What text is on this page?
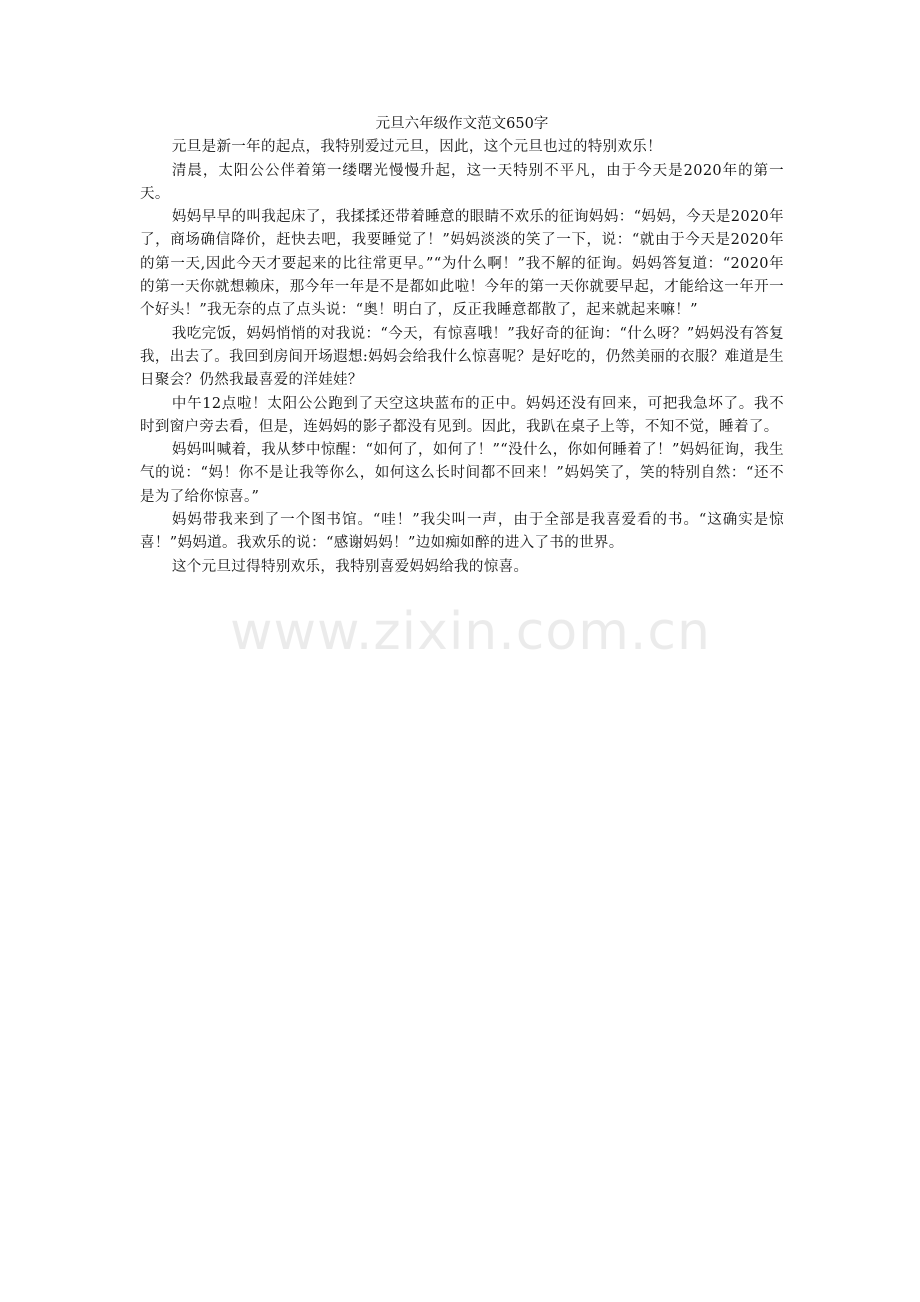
元旦六年级作文范文650字

元旦是新一年的起点，我特别爱过元旦，因此，这个元旦也过的特别欢乐！

清晨，太阳公公伴着第一缕曙光慢慢升起，这一天特别不平凡，由于今天是2020年的第一天。

妈妈早早的叫我起床了，我揉揉还带着睡意的眼睛不欢乐的征询妈妈：“妈妈，今天是2020年了，商场确信降价，赶快去吧，我要睡觉了！”妈妈淡淡的笑了一下，说：“就由于今天是2020年的第一天,因此今天才要起来的比往常更早。”“为什么啊！”我不解的征询。妈妈答复道：“2020年的第一天你就想赖床，那今年一年是不是都如此啦！今年的第一天你就要早起，才能给这一年开一个好头！”我无奈的点了点头说：“奥！明白了，反正我睡意都散了，起来就起来嘛！”

我吃完饭，妈妈悄悄的对我说：“今天，有惊喜哦！”我好奇的征询：“什么呀？”妈妈没有答复我，出去了。我回到房间开场遐想:妈妈会给我什么惊喜呢？是好吃的，仍然美丽的衣服？难道是生日聚会？仍然我最喜爱的洋娃娃？

中午12点啦！太阳公公跑到了天空这块蓝布的正中。妈妈还没有回来，可把我急坏了。我不时到窗户旁去看，但是，连妈妈的影子都没有见到。因此，我趴在桌子上等，不知不觉，睡着了。

妈妈叫喊着，我从梦中惊醒：“如何了，如何了！”“没什么，你如何睡着了！”妈妈征询，我生气的说：“妈！你不是让我等你么，如何这么长时间都不回来！”妈妈笑了，笑的特别自然：“还不是为了给你惊喜。”

妈妈带我来到了一个图书馆。“哇！”我尖叫一声，由于全部是我喜爱看的书。“这确实是惊喜！”妈妈道。我欢乐的说：“感谢妈妈！”边如痴如醉的进入了书的世界。

这个元旦过得特别欢乐，我特别喜爱妈妈给我的惊喜。

www.zixin.com.cn
